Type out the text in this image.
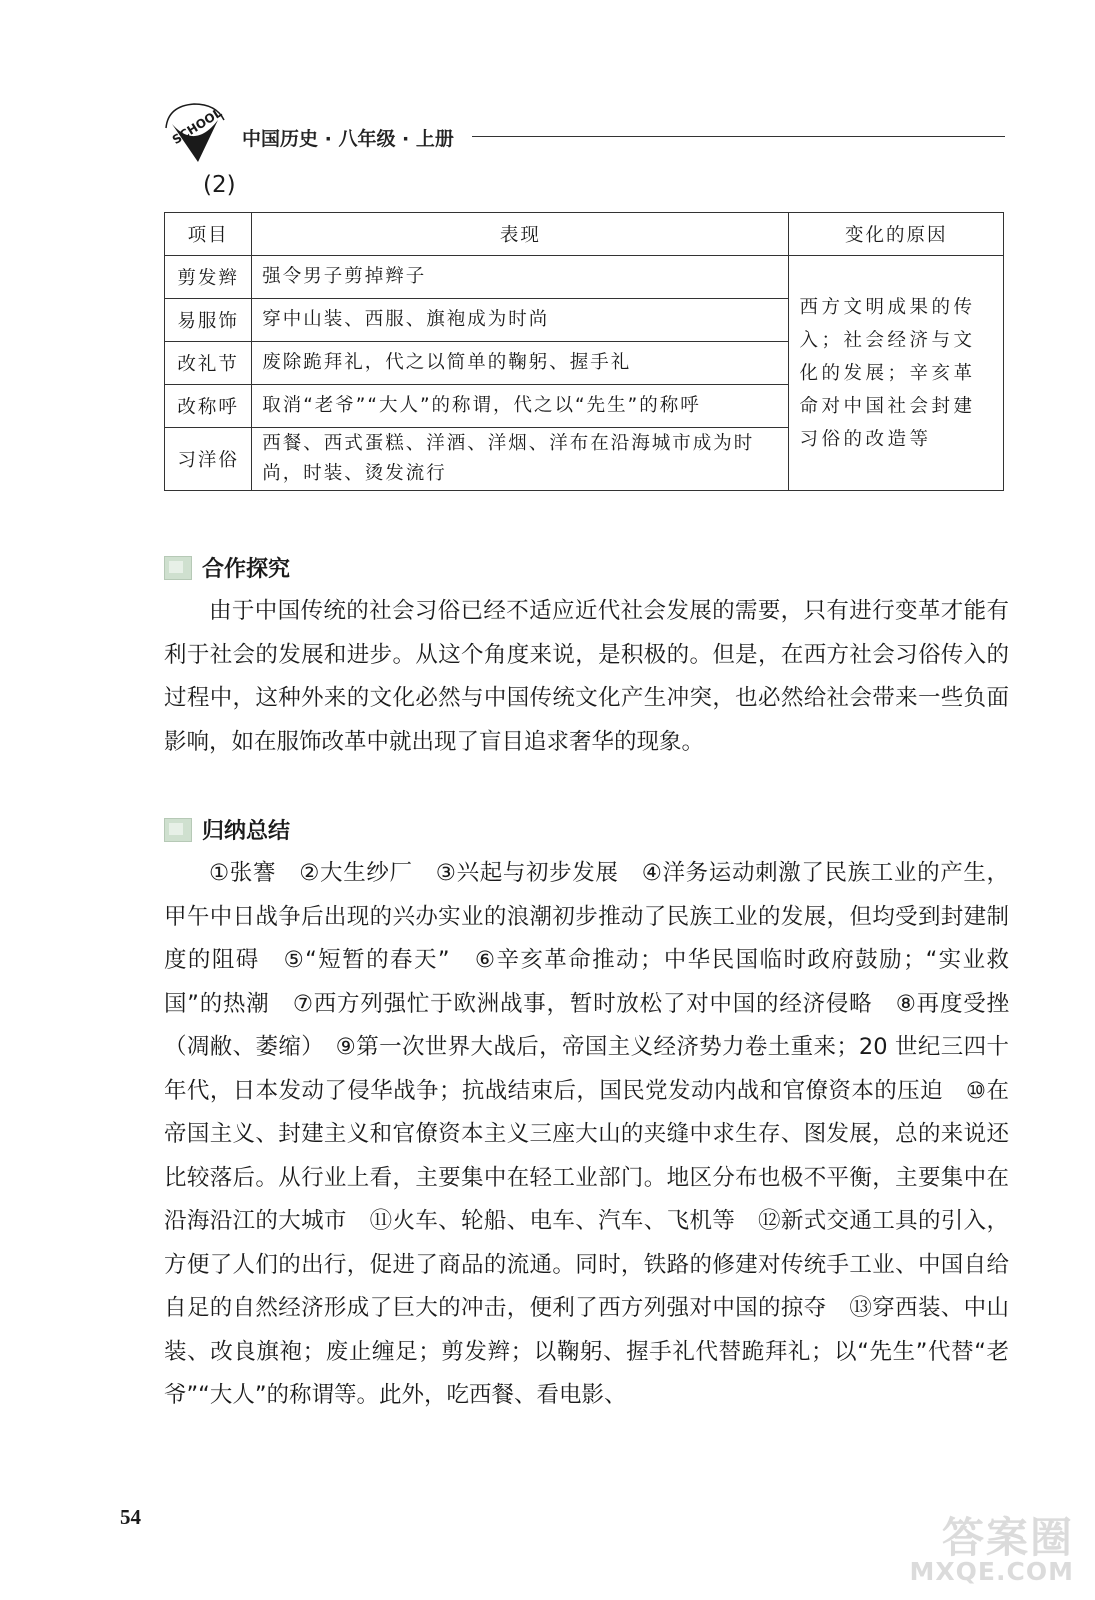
SCHOOL 中国历史 · 八年级 · 上册
(2)
项目	表现	变化的原因
剪发辫	强令男子剪掉辫子	西方文明成果的传入；社会经济与文化的发展；辛亥革命对中国社会封建习俗的改造等
易服饰	穿中山装、西服、旗袍成为时尚	
改礼节	废除跪拜礼，代之以简单的鞠躬、握手礼	
改称呼	取消“老爷”“大人”的称谓，代之以“先生”的称呼	
习洋俗	西餐、西式蛋糕、洋酒、洋烟、洋布在沿海城市成为时尚，时装、烫发流行	
合作探究
由于中国传统的社会习俗已经不适应近代社会发展的需要，只有进行变革才能有利于社会的发展和进步。从这个角度来说，是积极的。但是，在西方社会习俗传入的过程中，这种外来的文化必然与中国传统文化产生冲突，也必然给社会带来一些负面影响，如在服饰改革中就出现了盲目追求奢华的现象。
归纳总结
①张謇　②大生纱厂　③兴起与初步发展　④洋务运动刺激了民族工业的产生，甲午中日战争后出现的兴办实业的浪潮初步推动了民族工业的发展，但均受到封建制度的阻碍　⑤“短暂的春天”　⑥辛亥革命推动；中华民国临时政府鼓励；“实业救国”的热潮　⑦西方列强忙于欧洲战事，暂时放松了对中国的经济侵略　⑧再度受挫（凋敝、萎缩）　⑨第一次世界大战后，帝国主义经济势力卷土重来；20 世纪三四十年代，日本发动了侵华战争；抗战结束后，国民党发动内战和官僚资本的压迫　⑩在帝国主义、封建主义和官僚资本主义三座大山的夹缝中求生存、图发展，总的来说还比较落后。从行业上看，主要集中在轻工业部门。地区分布也极不平衡，主要集中在沿海沿江的大城市　⑪火车、轮船、电车、汽车、飞机等　⑫新式交通工具的引入，方便了人们的出行，促进了商品的流通。同时，铁路的修建对传统手工业、中国自给自足的自然经济形成了巨大的冲击，便利了西方列强对中国的掠夺　⑬穿西装、中山装、改良旗袍；废止缠足；剪发辫；以鞠躬、握手礼代替跪拜礼；以“先生”代替“老爷”“大人”的称谓等。此外，吃西餐、看电影、
54	答案圈
MXQE.COM
